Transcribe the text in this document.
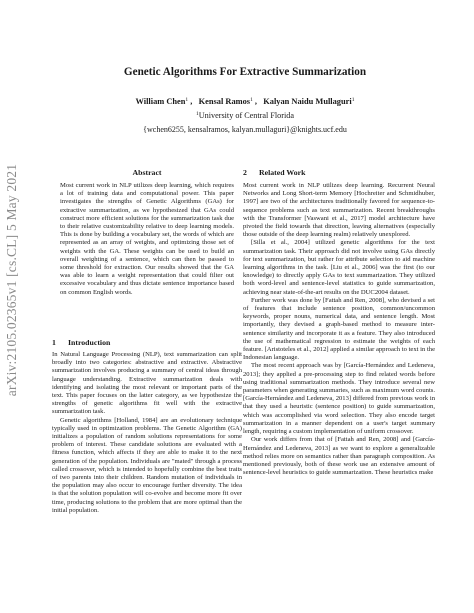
arXiv:2105.02365v1 [cs.CL] 5 May 2021
Genetic Algorithms For Extractive Summarization
William Chen$^1$ ,   Kensal Ramos$^1$ ,   Kalyan Naidu Mullaguri$^1$
$^1$University of Central Florida
{wchen6255, kensalramos, kalyan.mullaguri}@knights.ucf.edu
Abstract
Most current work in NLP utilizes deep learning, which requires a lot of training data and computational power. This paper investigates the strengths of Genetic Algorithms (GAs) for extractive summarization, as we hypothesized that GAs could construct more efficient solutions for the summarization task due to their relative customizability relative to deep learning models. This is done by building a vocabulary set, the words of which are represented as an array of weights, and optimizing those set of weights with the GA. These weights can be used to build an overall weighting of a sentence, which can then be passed to some threshold for extraction. Our results showed that the GA was able to learn a weight representation that could filter out excessive vocabulary and thus dictate sentence importance based on common English words.
1 Introduction

In Natural Language Processing (NLP), text summarization can split broadly into two categories: abstractive and extractive. Abstractive summarization involves producing a summary of central ideas through language understanding. Extractive summarization deals with identifying and isolating the most relevant or important parts of the text. This paper focuses on the latter category, as we hypothesize the strengths of genetic algorithms fit well with the extractive summarization task.

Genetic algorithms [Holland, 1984] are an evolutionary technique typically used in optimization problems. The Genetic Algorithm (GA) initializes a population of random solutions representations for some problem of interest. These candidate solutions are evaluated with a fitness function, which affects if they are able to make it to the next generation of the population. Individuals are "mated" through a process called crossover, which is intended to hopefully combine the best traits of two parents into their children. Random mutation of individuals in the population may also occur to encourage further diversity. The idea is that the solution population will co-evolve and become more fit over time, producing solutions to the problem that are more optimal than the initial population.

2 Related Work

Most current work in NLP utilizes deep learning. Recurrent Neural Networks and Long Short-term Memory [Hochreiter and Schmidhuber, 1997] are two of the architectures traditionally favored for sequence-to-sequence problems such as text summarization. Recent breakthroughs with the Transformer [Vaswani et al., 2017] model architecture have pivoted the field towards that direction, leaving alternatives (especially those outside of the deep learning realm) relatively unexplored.

[Silla et al., 2004] utilized genetic algorithms for the text summarization task. Their approach did not involve using GAs directly for text summarization, but rather for attribute selection to aid machine learning algorithms in the task. [Liu et al., 2006] was the first (to our knowledge) to directly apply GAs to text summarization. They utilized both word-level and sentence-level statistics to guide summarization, achieving near state-of-the-art results on the DUC2004 dataset.

Further work was done by [Fattah and Ren, 2008], who devised a set of features that include sentence position, common/uncommon keywords, proper nouns, numerical data, and sentence length. Most importantly, they devised a graph-based method to measure inter-sentence similarity and incorporate it as a feature. They also introduced the use of mathematical regression to estimate the weights of each feature. [Aristoteles et al., 2012] applied a similar approach to text in the Indonesian language.

The most recent approach was by [García-Hernández and Ledeneva, 2013]; they applied a pre-processing step to find related words before using traditional summarization methods. They introduce several new parameters when generating summaries, such as maximum word counts. [García-Hernández and Ledeneva, 2013] differed from previous work in that they used a heuristic (sentence position) to guide summarization, which was accomplished via word selection. They also encode target summarization in a manner dependent on a user's target summary length, requiring a custom implementation of uniform crossover.

Our work differs from that of [Fattah and Ren, 2008] and [García-Hernández and Ledeneva, 2013] as we want to explore a generalizable method relies more on semantics rather than paragraph composition. As mentioned previously, both of these work use an extensive amount of sentence-level heuristics to guide summarization. These heuristics make
